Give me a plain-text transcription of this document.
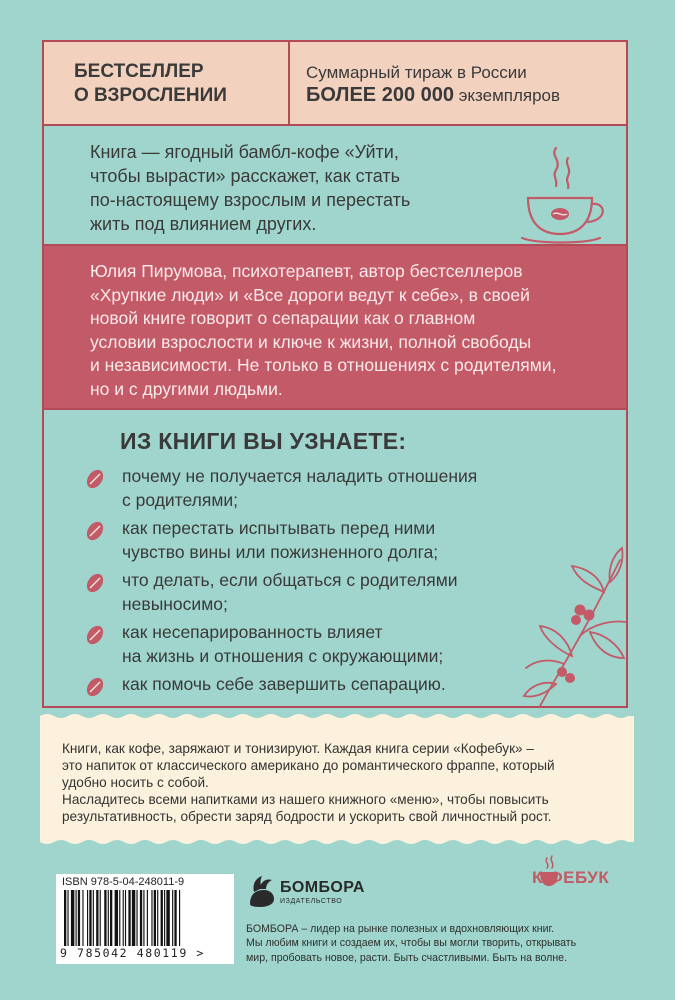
БЕСТСЕЛЛЕР
О ВЗРОСЛЕНИИ
Суммарный тираж в России
БОЛЕЕ 200 000 экземпляров
Книга — ягодный бамбл-кофе «Уйти,
чтобы вырасти» расскажет, как стать
по-настоящему взрослым и перестать
жить под влиянием других.
Юлия Пирумова, психотерапевт, автор бестселлеров
«Хрупкие люди» и «Все дороги ведут к себе», в своей
новой книге говорит о сепарации как о главном
условии взрослости и ключе к жизни, полной свободы
и независимости. Не только в отношениях с родителями,
но и с другими людьми.
ИЗ КНИГИ ВЫ УЗНАЕТЕ:
почему не получается наладить отношения
с родителями;
как перестать испытывать перед ними
чувство вины или пожизненного долга;
что делать, если общаться с родителями
невыносимо;
как несепарированность влияет
на жизнь и отношения с окружающими;
как помочь себе завершить сепарацию.
Книги, как кофе, заряжают и тонизируют. Каждая книга серии «Кофебук» –
это напиток от классического американо до романтического фраппе, который
удобно носить с собой.
Насладитесь всеми напитками из нашего книжного «меню», чтобы повысить
результативность, обрести заряд бодрости и ускорить свой личностный рост.
ISBN 978-5-04-248011-9
9 785042 480119 >
БОМБОРА
ИЗДАТЕЛЬСТВО
БОМБОРА – лидер на рынке полезных и вдохновляющих книг.
Мы любим книги и создаем их, чтобы вы могли творить, открывать
мир, пробовать новое, расти. Быть счастливыми. Быть на волне.
К ФЕБУК
